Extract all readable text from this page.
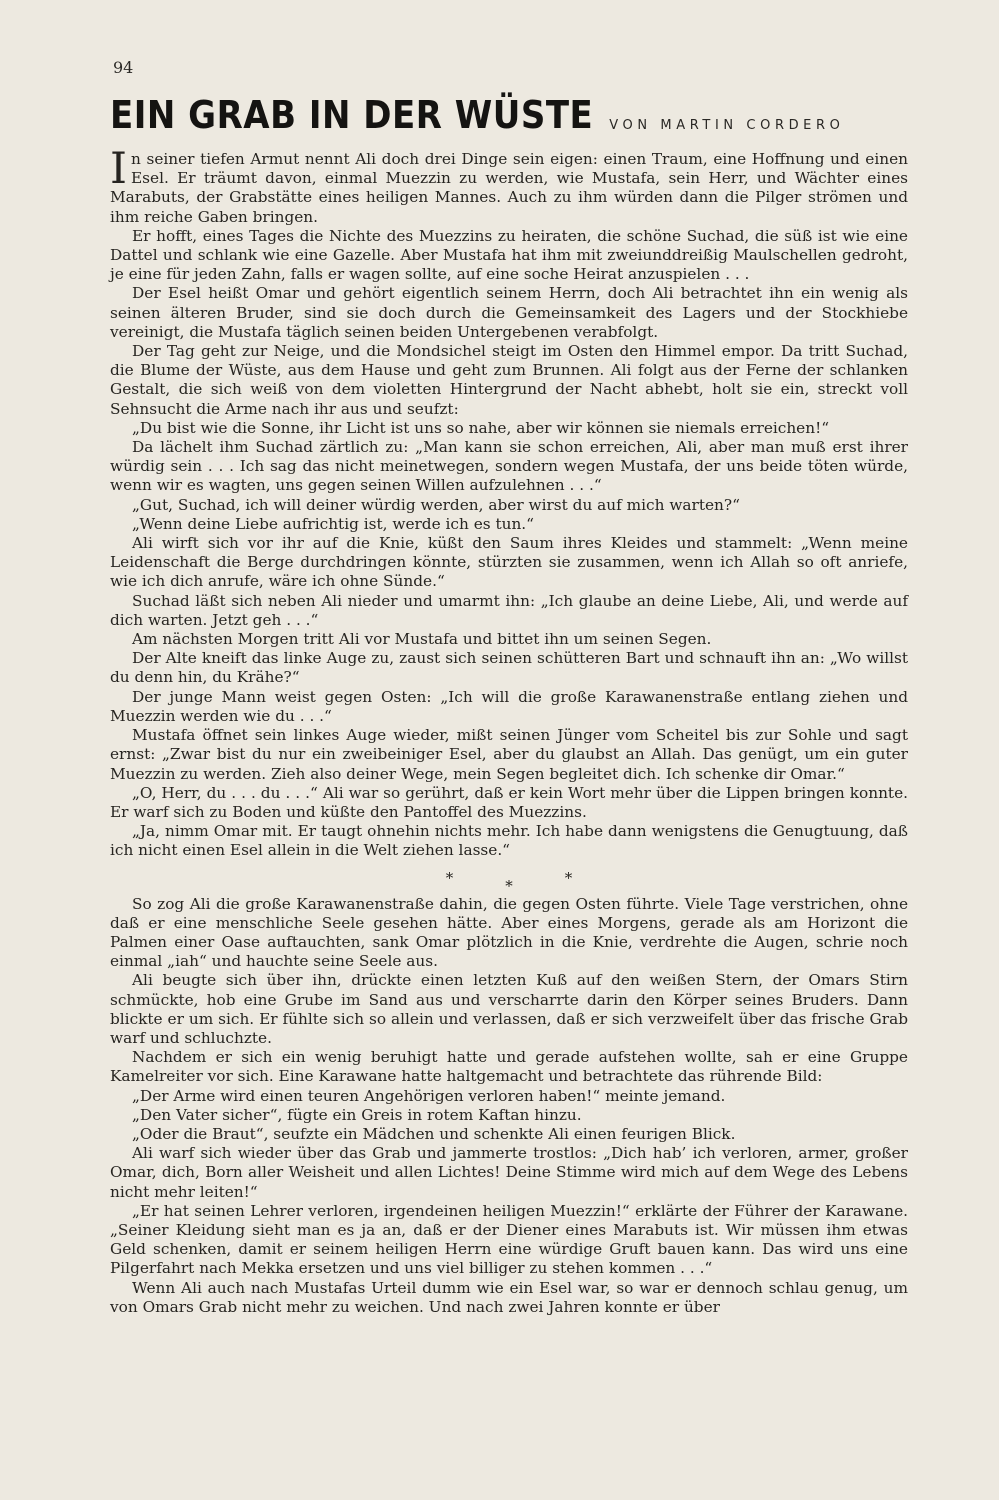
94
EIN GRAB IN DER WÜSTE VON MARTIN CORDERO

In seiner tiefen Armut nennt Ali doch drei Dinge sein eigen: einen Traum, eine Hoffnung und einen Esel. Er träumt davon, einmal Muezzin zu werden, wie Mustafa, sein Herr, und Wächter eines Marabuts, der Grabstätte eines heiligen Mannes. Auch zu ihm würden dann die Pilger strömen und ihm reiche Gaben bringen.

Er hofft, eines Tages die Nichte des Muezzins zu heiraten, die schöne Suchad, die süß ist wie eine Dattel und schlank wie eine Gazelle. Aber Mustafa hat ihm mit zweiunddreißig Maulschellen gedroht, je eine für jeden Zahn, falls er wagen sollte, auf eine soche Heirat anzuspielen . . .

Der Esel heißt Omar und gehört eigentlich seinem Herrn, doch Ali betrachtet ihn ein wenig als seinen älteren Bruder, sind sie doch durch die Gemeinsamkeit des Lagers und der Stockhiebe vereinigt, die Mustafa täglich seinen beiden Untergebenen verabfolgt.

Der Tag geht zur Neige, und die Mondsichel steigt im Osten den Himmel empor. Da tritt Suchad, die Blume der Wüste, aus dem Hause und geht zum Brunnen. Ali folgt aus der Ferne der schlanken Gestalt, die sich weiß von dem violetten Hintergrund der Nacht abhebt, holt sie ein, streckt voll Sehnsucht die Arme nach ihr aus und seufzt:

„Du bist wie die Sonne, ihr Licht ist uns so nahe, aber wir können sie niemals erreichen!“

Da lächelt ihm Suchad zärtlich zu: „Man kann sie schon erreichen, Ali, aber man muß erst ihrer würdig sein . . . Ich sag das nicht meinetwegen, sondern wegen Mustafa, der uns beide töten würde, wenn wir es wagten, uns gegen seinen Willen aufzulehnen . . .“

„Gut, Suchad, ich will deiner würdig werden, aber wirst du auf mich warten?“

„Wenn deine Liebe aufrichtig ist, werde ich es tun.“

Ali wirft sich vor ihr auf die Knie, küßt den Saum ihres Kleides und stammelt: „Wenn meine Leidenschaft die Berge durchdringen könnte, stürzten sie zusammen, wenn ich Allah so oft anriefe, wie ich dich anrufe, wäre ich ohne Sünde.“

Suchad läßt sich neben Ali nieder und umarmt ihn: „Ich glaube an deine Liebe, Ali, und werde auf dich warten. Jetzt geh . . .“

Am nächsten Morgen tritt Ali vor Mustafa und bittet ihn um seinen Segen.

Der Alte kneift das linke Auge zu, zaust sich seinen schütteren Bart und schnauft ihn an: „Wo willst du denn hin, du Krähe?“

Der junge Mann weist gegen Osten: „Ich will die große Karawanenstraße entlang ziehen und Muezzin werden wie du . . .“

Mustafa öffnet sein linkes Auge wieder, mißt seinen Jünger vom Scheitel bis zur Sohle und sagt ernst: „Zwar bist du nur ein zweibeiniger Esel, aber du glaubst an Allah. Das genügt, um ein guter Muezzin zu werden. Zieh also deiner Wege, mein Segen begleitet dich. Ich schenke dir Omar.“

„O, Herr, du . . . du . . .“ Ali war so gerührt, daß er kein Wort mehr über die Lippen bringen konnte. Er warf sich zu Boden und küßte den Pantoffel des Muezzins.

„Ja, nimm Omar mit. Er taugt ohnehin nichts mehr. Ich habe dann wenigstens die Genugtuung, daß ich nicht einen Esel allein in die Welt ziehen lasse.“

*	*	*

So zog Ali die große Karawanenstraße dahin, die gegen Osten führte. Viele Tage verstrichen, ohne daß er eine menschliche Seele gesehen hätte. Aber eines Morgens, gerade als am Horizont die Palmen einer Oase auftauchten, sank Omar plötzlich in die Knie, verdrehte die Augen, schrie noch einmal „iah“ und hauchte seine Seele aus.

Ali beugte sich über ihn, drückte einen letzten Kuß auf den weißen Stern, der Omars Stirn schmückte, hob eine Grube im Sand aus und verscharrte darin den Körper seines Bruders. Dann blickte er um sich. Er fühlte sich so allein und verlassen, daß er sich verzweifelt über das frische Grab warf und schluchzte.

Nachdem er sich ein wenig beruhigt hatte und gerade aufstehen wollte, sah er eine Gruppe Kamelreiter vor sich. Eine Karawane hatte haltgemacht und betrachtete das rührende Bild:

„Der Arme wird einen teuren Angehörigen verloren haben!“ meinte jemand.

„Den Vater sicher“, fügte ein Greis in rotem Kaftan hinzu.

„Oder die Braut“, seufzte ein Mädchen und schenkte Ali einen feurigen Blick.

Ali warf sich wieder über das Grab und jammerte trostlos: „Dich hab’ ich verloren, armer, großer Omar, dich, Born aller Weisheit und allen Lichtes! Deine Stimme wird mich auf dem Wege des Lebens nicht mehr leiten!“

„Er hat seinen Lehrer verloren, irgendeinen heiligen Muezzin!“ erklärte der Führer der Karawane. „Seiner Kleidung sieht man es ja an, daß er der Diener eines Marabuts ist. Wir müssen ihm etwas Geld schenken, damit er seinem heiligen Herrn eine würdige Gruft bauen kann. Das wird uns eine Pilgerfahrt nach Mekka ersetzen und uns viel billiger zu stehen kommen . . .“

Wenn Ali auch nach Mustafas Urteil dumm wie ein Esel war, so war er dennoch schlau genug, um von Omars Grab nicht mehr zu weichen. Und nach zwei Jahren konnte er über
